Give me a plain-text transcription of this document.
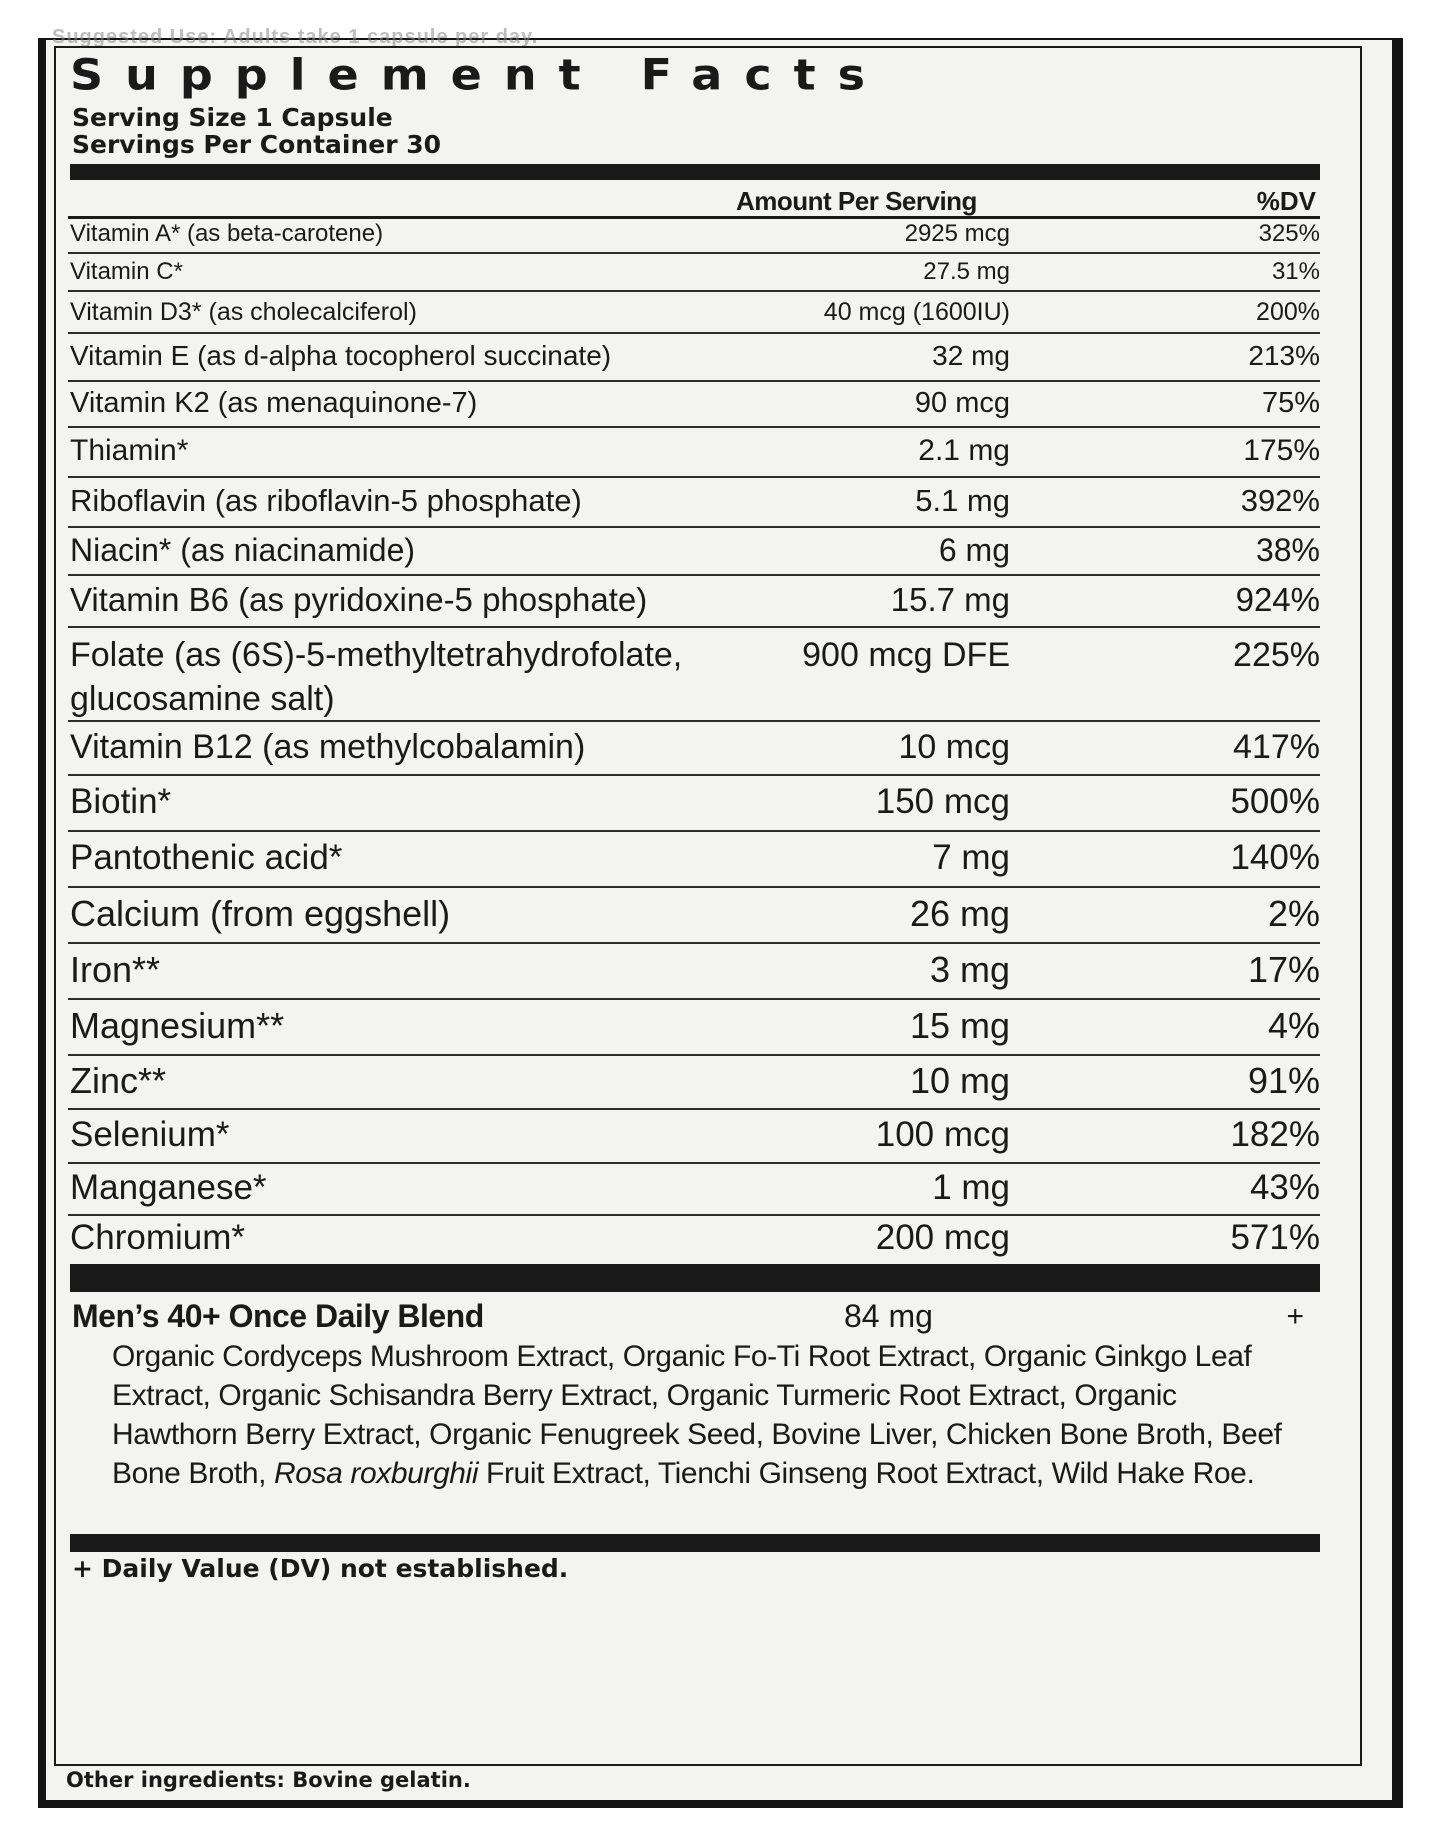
Suggested Use: Adults take 1 capsule per day.
Supplement Facts
Serving Size 1 Capsule
Servings Per Container 30
Amount Per Serving	%DV
Vitamin A* (as beta-carotene)	2925 mcg	325%
Vitamin C*	27.5 mg	31%
Vitamin D3* (as cholecalciferol)	40 mcg (1600IU)	200%
Vitamin E (as d-alpha tocopherol succinate)	32 mg	213%
Vitamin K2 (as menaquinone-7)	90 mcg	75%
Thiamin*	2.1 mg	175%
Riboflavin (as riboflavin-5 phosphate)	5.1 mg	392%
Niacin* (as niacinamide)	6 mg	38%
Vitamin B6 (as pyridoxine-5 phosphate)	15.7 mg	924%
Folate (as (6S)-5-methyltetrahydrofolate,	900 mcg DFE	225%
glucosamine salt)
Vitamin B12 (as methylcobalamin)	10 mcg	417%
Biotin*	150 mcg	500%
Pantothenic acid*	7 mg	140%
Calcium (from eggshell)	26 mg	2%
Iron**	3 mg	17%
Magnesium**	15 mg	4%
Zinc**	10 mg	91%
Selenium*	100 mcg	182%
Manganese*	1 mg	43%
Chromium*	200 mcg	571%
Men’s 40+ Once Daily Blend	84 mg	+
Organic Cordyceps Mushroom Extract, Organic Fo-Ti Root Extract, Organic Ginkgo Leaf Extract, Organic Schisandra Berry Extract, Organic Turmeric Root Extract, Organic Hawthorn Berry Extract, Organic Fenugreek Seed, Bovine Liver, Chicken Bone Broth, Beef Bone Broth, Rosa roxburghii Fruit Extract, Tienchi Ginseng Root Extract, Wild Hake Roe.
+ Daily Value (DV) not established.
Other ingredients: Bovine gelatin.
